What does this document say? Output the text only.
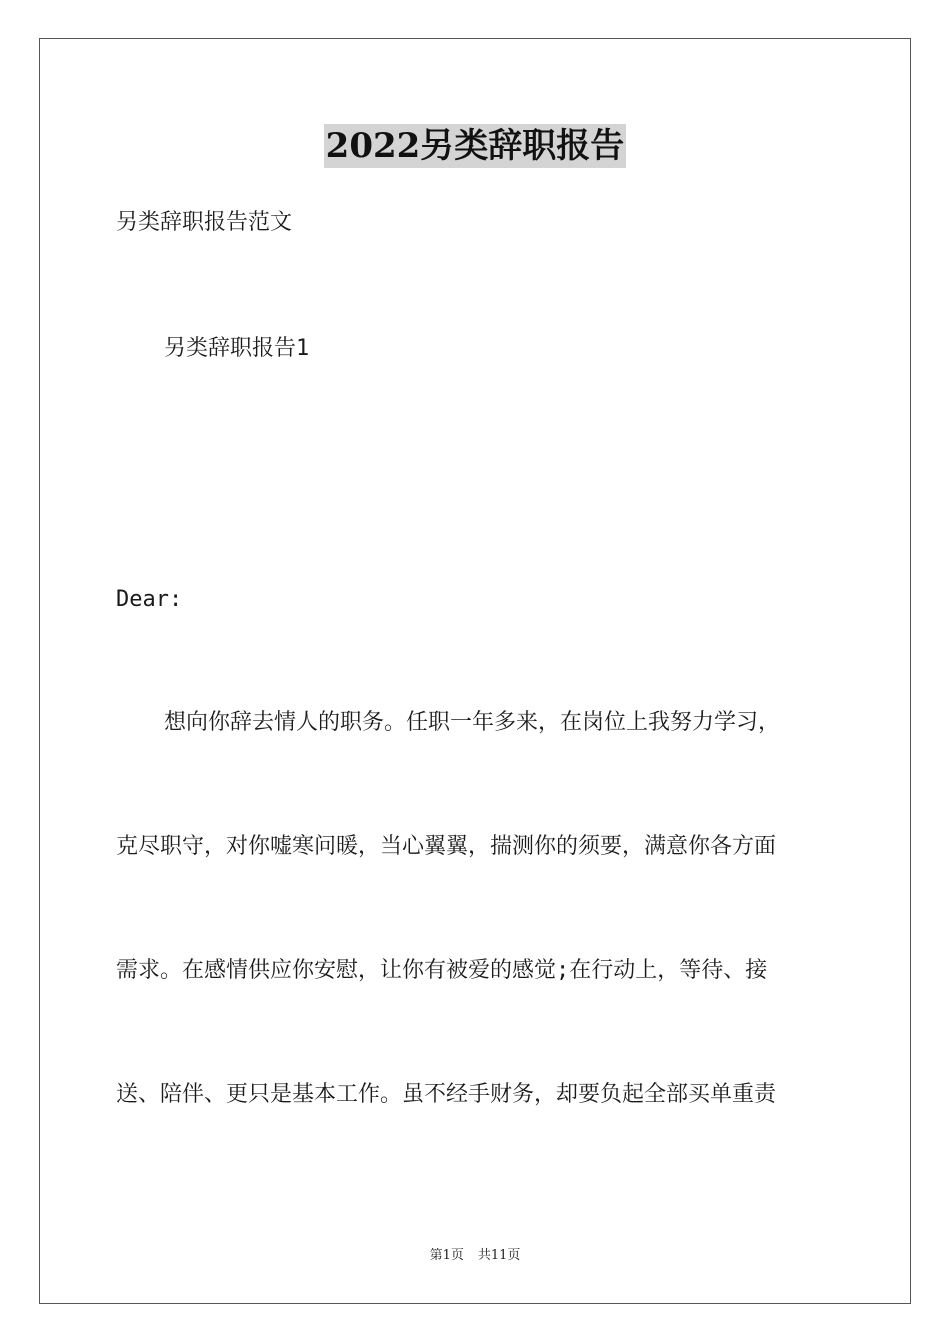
2022另类辞职报告
另类辞职报告范文
另类辞职报告1
Dear:
想向你辞去情人的职务。任职一年多来，在岗位上我努力学习，
克尽职守，对你嘘寒问暖，当心翼翼，揣测你的须要，满意你各方面
需求。在感情供应你安慰，让你有被爱的感觉;在行动上，等待、接
送、陪伴、更只是基本工作。虽不经手财务，却要负起全部买单重责
第1页 共11页
